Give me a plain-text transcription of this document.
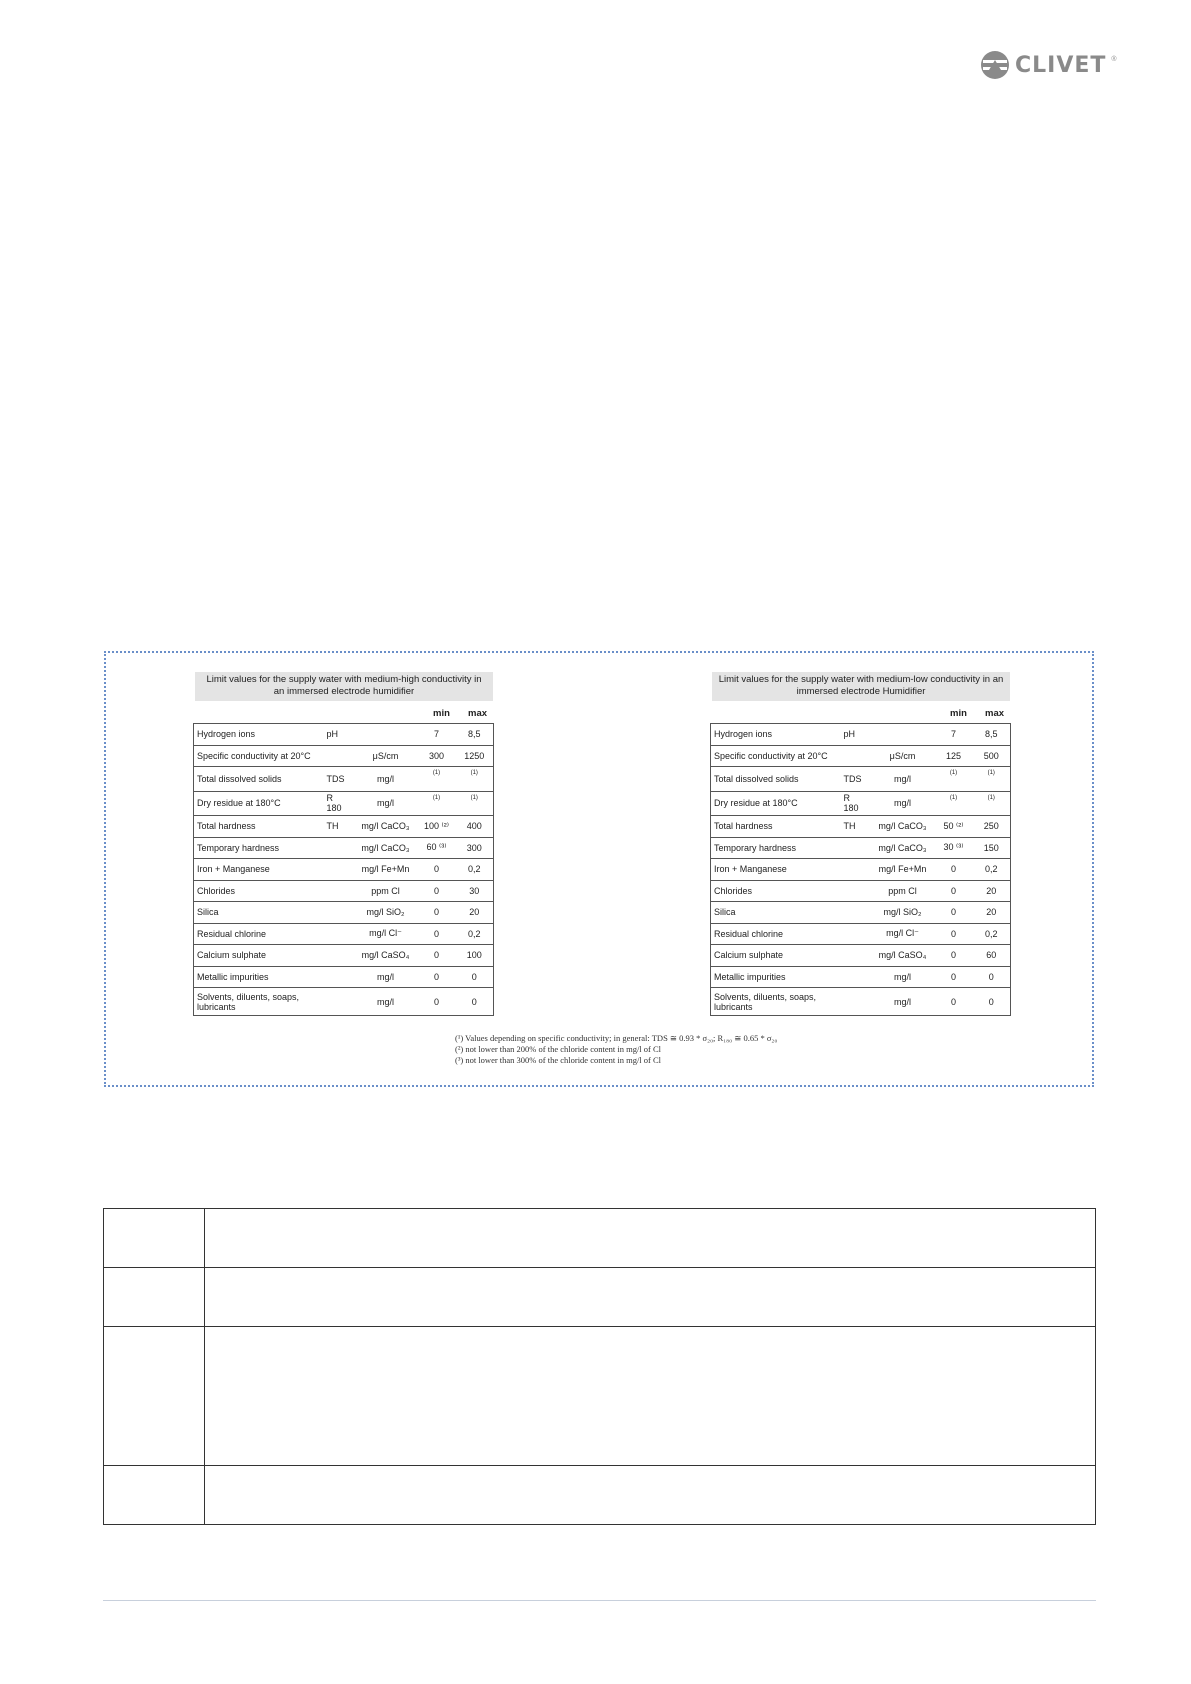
CLIVET ®
Limit values for the supply water with medium-high conductivity in an immersed electrode humidifier
min max
Hydrogen ions	pH		7	8,5
Specific conductivity at 20°C		μS/cm	300	1250
Total dissolved solids	TDS	mg/l	(1)	(1)
Dry residue at 180°C	R 180	mg/l	(1)	(1)
Total hardness	TH	mg/l CaCO₃	100 ⁽²⁾	400
Temporary hardness		mg/l CaCO₃	60 ⁽³⁾	300
Iron + Manganese		mg/l Fe+Mn	0	0,2
Chlorides		ppm Cl	0	30
Silica		mg/l SiO₂	0	20
Residual chlorine		mg/l Cl⁻	0	0,2
Calcium sulphate		mg/l CaSO₄	0	100
Metallic impurities		mg/l	0	0
Solvents, diluents, soaps, lubricants		mg/l	0	0
Limit values for the supply water with medium-low conductivity in an immersed electrode Humidifier
min max
Hydrogen ions	pH		7	8,5
Specific conductivity at 20°C		μS/cm	125	500
Total dissolved solids	TDS	mg/l	(1)	(1)
Dry residue at 180°C	R 180	mg/l	(1)	(1)
Total hardness	TH	mg/l CaCO₃	50 ⁽²⁾	250
Temporary hardness		mg/l CaCO₃	30 ⁽³⁾	150
Iron + Manganese		mg/l Fe+Mn	0	0,2
Chlorides		ppm Cl	0	20
Silica		mg/l SiO₂	0	20
Residual chlorine		mg/l Cl⁻	0	0,2
Calcium sulphate		mg/l CaSO₄	0	60
Metallic impurities		mg/l	0	0
Solvents, diluents, soaps, lubricants		mg/l	0	0
(¹) Values depending on specific conductivity; in general: TDS ≅ 0.93 * σ₂₀; R₁₈₀ ≅ 0.65 * σ₂₀
(²) not lower than 200% of the chloride content in mg/l of Cl
(³) not lower than 300% of the chloride content in mg/l of Cl
